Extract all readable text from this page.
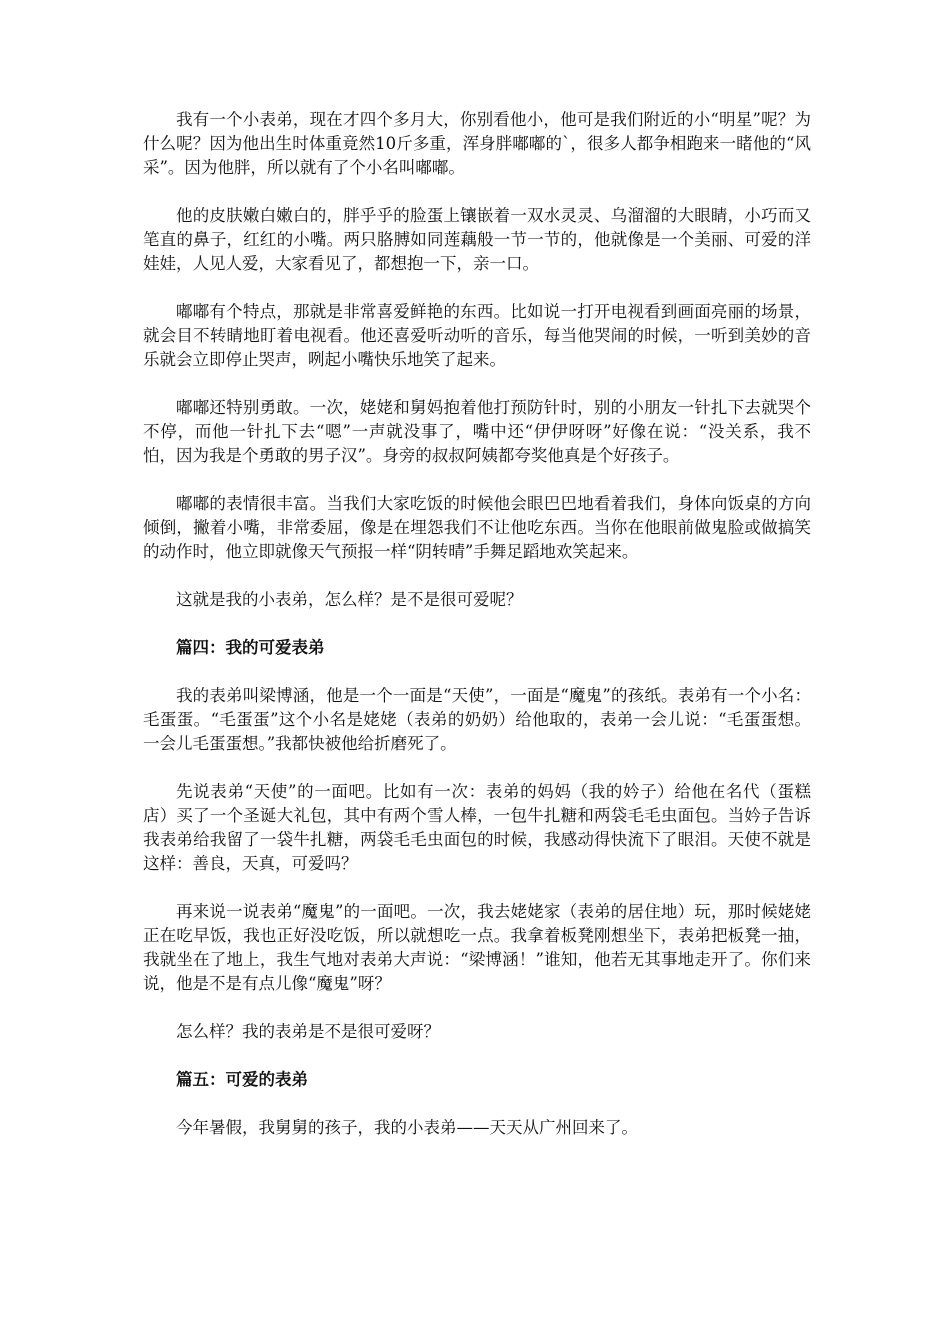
我有一个小表弟，现在才四个多月大，你别看他小，他可是我们附近的小“明星”呢？为什么呢？因为他出生时体重竟然10斤多重，浑身胖嘟嘟的`，很多人都争相跑来一睹他的“风采”。因为他胖，所以就有了个小名叫嘟嘟。

他的皮肤嫩白嫩白的，胖乎乎的脸蛋上镶嵌着一双水灵灵、乌溜溜的大眼睛，小巧而又笔直的鼻子，红红的小嘴。两只胳膊如同莲藕般一节一节的，他就像是一个美丽、可爱的洋娃娃，人见人爱，大家看见了，都想抱一下，亲一口。

嘟嘟有个特点，那就是非常喜爱鲜艳的东西。比如说一打开电视看到画面亮丽的场景，就会目不转睛地盯着电视看。他还喜爱听动听的音乐，每当他哭闹的时候，一听到美妙的音乐就会立即停止哭声，咧起小嘴快乐地笑了起来。

嘟嘟还特别勇敢。一次，姥姥和舅妈抱着他打预防针时，别的小朋友一针扎下去就哭个不停，而他一针扎下去“嗯”一声就没事了，嘴中还“伊伊呀呀”好像在说：“没关系，我不怕，因为我是个勇敢的男子汉”。身旁的叔叔阿姨都夸奖他真是个好孩子。

嘟嘟的表情很丰富。当我们大家吃饭的时候他会眼巴巴地看着我们，身体向饭桌的方向倾倒，撇着小嘴，非常委屈，像是在埋怨我们不让他吃东西。当你在他眼前做鬼脸或做搞笑的动作时，他立即就像天气预报一样“阴转晴”手舞足蹈地欢笑起来。

这就是我的小表弟，怎么样？是不是很可爱呢？

篇四：我的可爱表弟

我的表弟叫梁博涵，他是一个一面是“天使”，一面是“魔鬼”的孩纸。表弟有一个小名：毛蛋蛋。“毛蛋蛋”这个小名是姥姥（表弟的奶奶）给他取的，表弟一会儿说：“毛蛋蛋想。一会儿毛蛋蛋想。”我都快被他给折磨死了。

先说表弟“天使”的一面吧。比如有一次：表弟的妈妈（我的妗子）给他在名代（蛋糕店）买了一个圣诞大礼包，其中有两个雪人棒，一包牛扎糖和两袋毛毛虫面包。当妗子告诉我表弟给我留了一袋牛扎糖，两袋毛毛虫面包的时候，我感动得快流下了眼泪。天使不就是这样：善良，天真，可爱吗？

再来说一说表弟“魔鬼”的一面吧。一次，我去姥姥家（表弟的居住地）玩，那时候姥姥正在吃早饭，我也正好没吃饭，所以就想吃一点。我拿着板凳刚想坐下，表弟把板凳一抽，我就坐在了地上，我生气地对表弟大声说：“梁博涵！”谁知，他若无其事地走开了。你们来说，他是不是有点儿像“魔鬼”呀？

怎么样？我的表弟是不是很可爱呀？

篇五：可爱的表弟

今年暑假，我舅舅的孩子，我的小表弟——天天从广州回来了。
